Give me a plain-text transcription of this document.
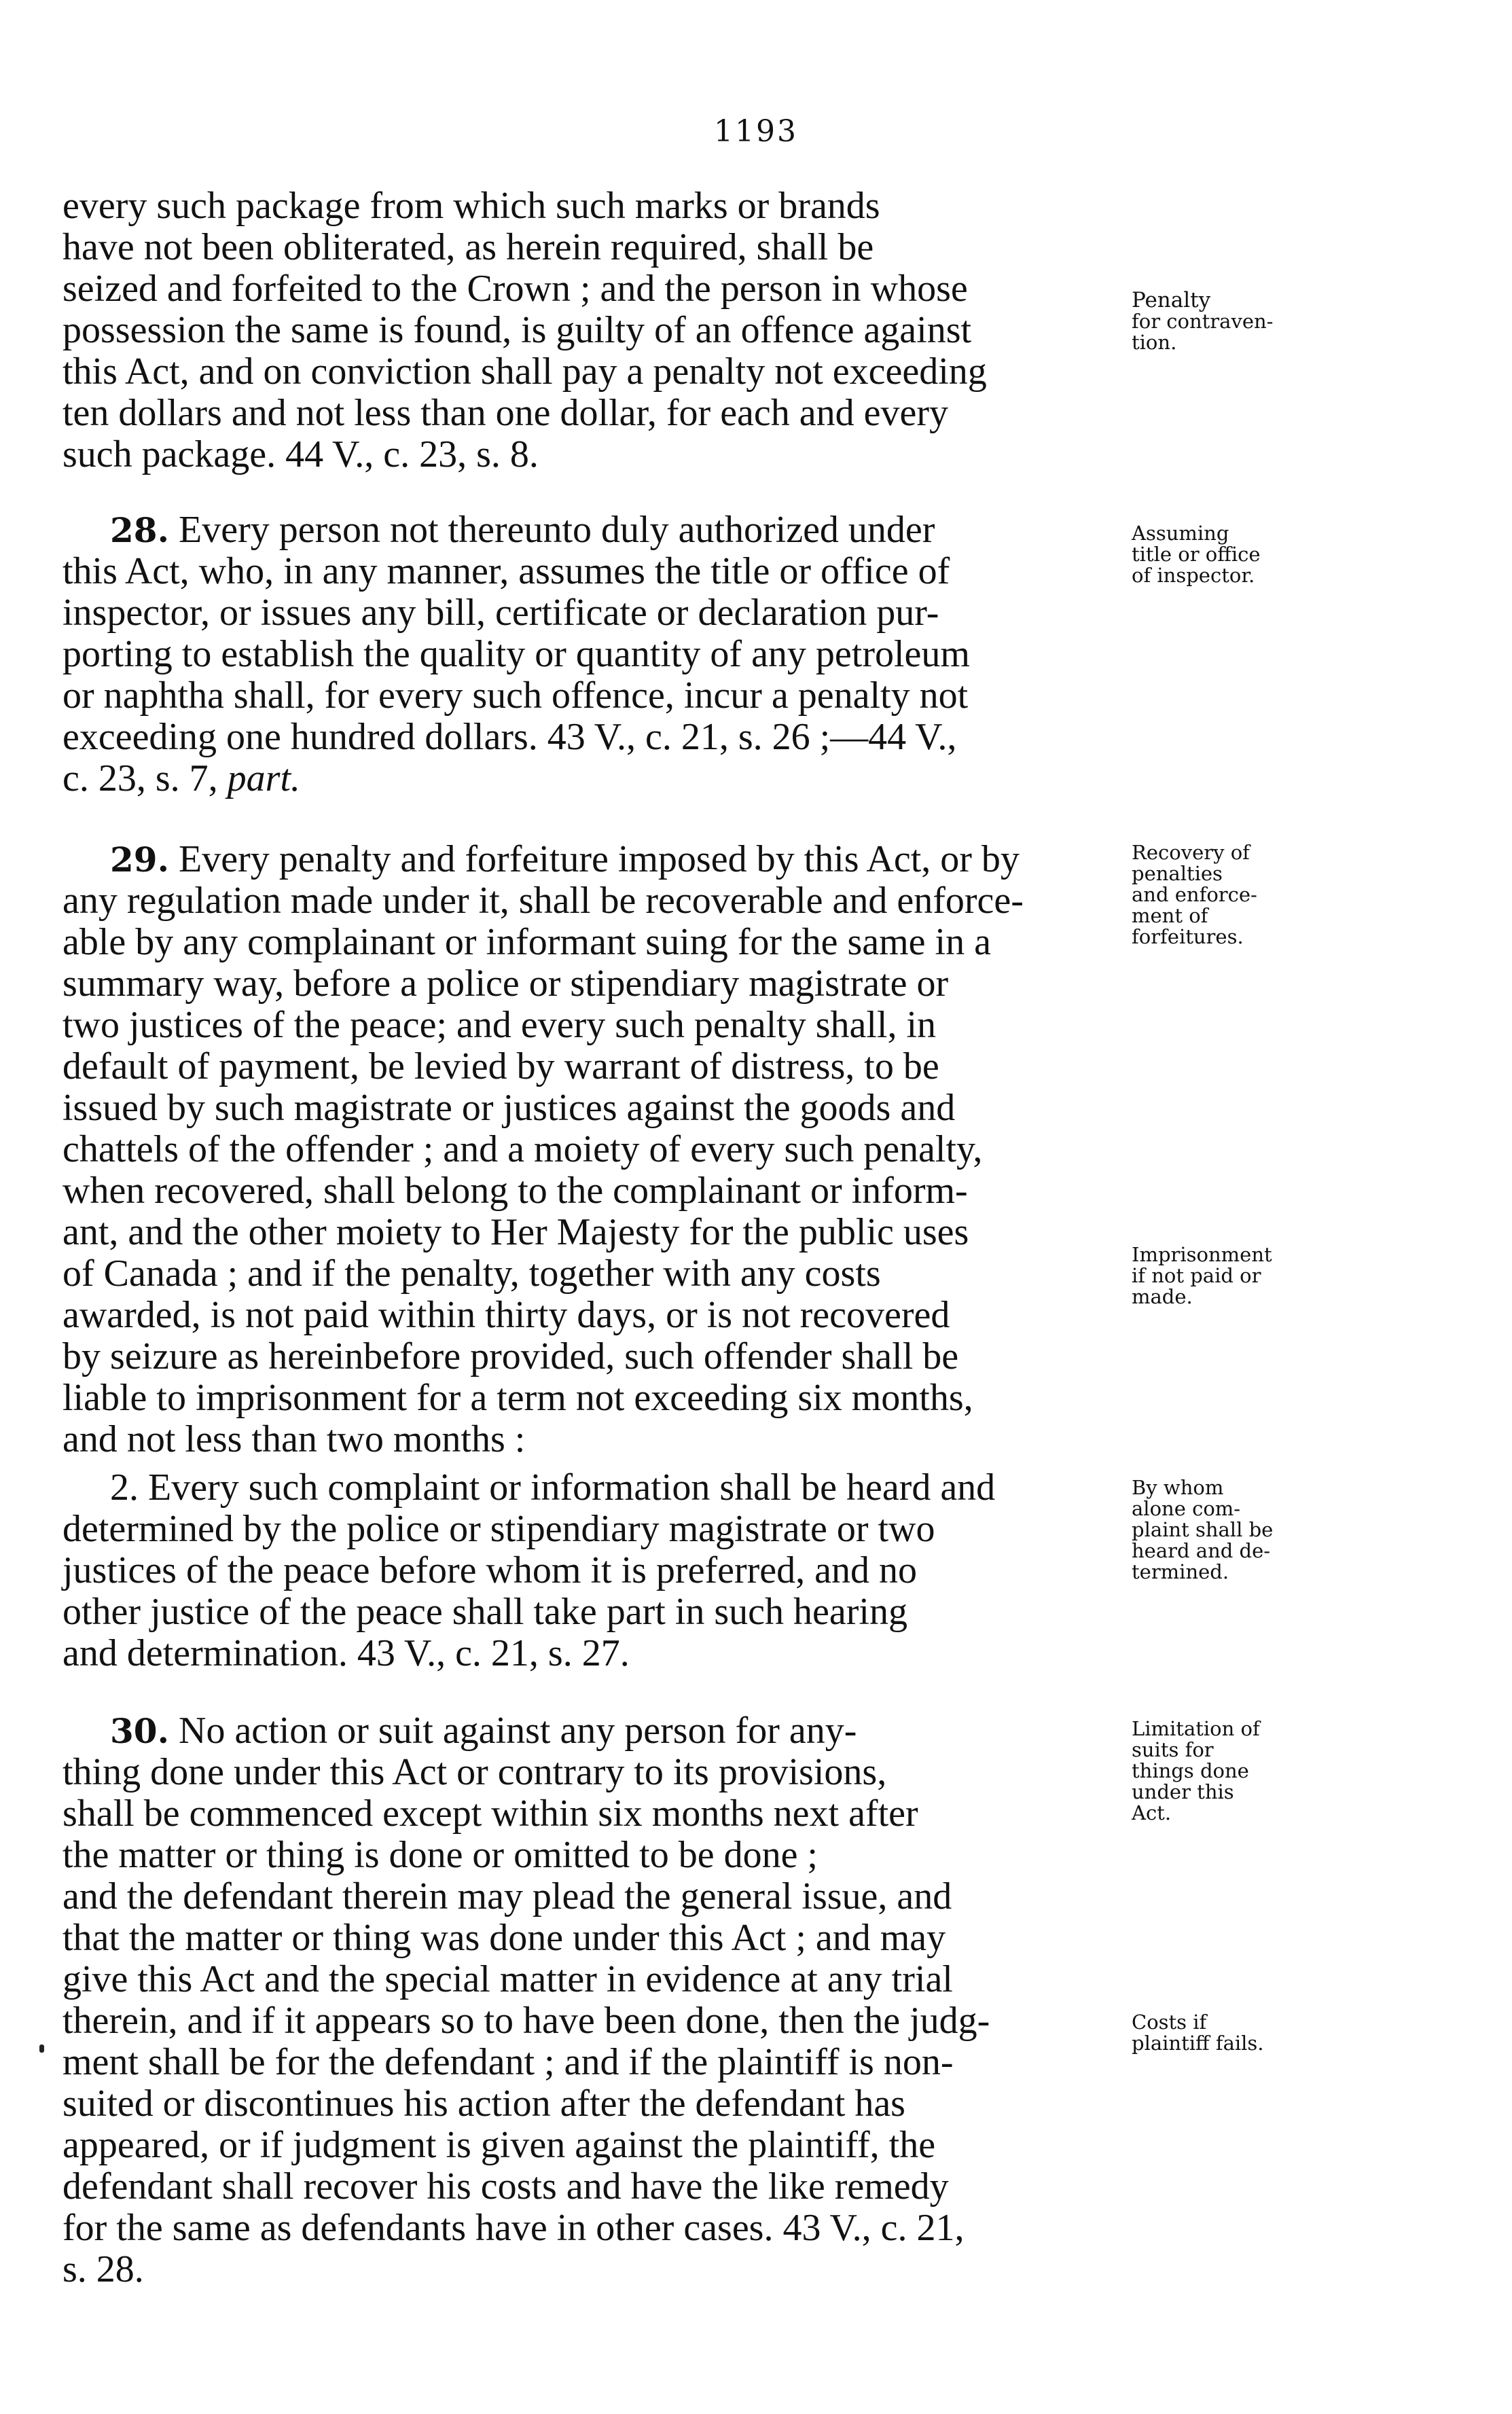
1193
every such package from which such marks or brands
have not been obliterated, as herein required, shall be
seized and forfeited to the Crown ; and the person in whose
possession the same is found, is guilty of an offence against
this Act, and on conviction shall pay a penalty not exceeding
ten dollars and not less than one dollar, for each and every
such package. 44 V., c. 23, s. 8.
28. Every person not thereunto duly authorized under
this Act, who, in any manner, assumes the title or office of
inspector, or issues any bill, certificate or declaration pur-
porting to establish the quality or quantity of any petroleum
or naphtha shall, for every such offence, incur a penalty not
exceeding one hundred dollars. 43 V., c. 21, s. 26 ;—44 V.,
c. 23, s. 7, part.
29. Every penalty and forfeiture imposed by this Act, or by
any regulation made under it, shall be recoverable and enforce-
able by any complainant or informant suing for the same in a
summary way, before a police or stipendiary magistrate or
two justices of the peace; and every such penalty shall, in
default of payment, be levied by warrant of distress, to be
issued by such magistrate or justices against the goods and
chattels of the offender ; and a moiety of every such penalty,
when recovered, shall belong to the complainant or inform-
ant, and the other moiety to Her Majesty for the public uses
of Canada ; and if the penalty, together with any costs
awarded, is not paid within thirty days, or is not recovered
by seizure as hereinbefore provided, such offender shall be
liable to imprisonment for a term not exceeding six months,
and not less than two months :
2. Every such complaint or information shall be heard and
determined by the police or stipendiary magistrate or two
justices of the peace before whom it is preferred, and no
other justice of the peace shall take part in such hearing
and determination. 43 V., c. 21, s. 27.
30. No action or suit against any person for any-
thing done under this Act or contrary to its provisions,
shall be commenced except within six months next after
the matter or thing is done or omitted to be done ;
and the defendant therein may plead the general issue, and
that the matter or thing was done under this Act ; and may
give this Act and the special matter in evidence at any trial
therein, and if it appears so to have been done, then the judg-
ment shall be for the defendant ; and if the plaintiff is non-
suited or discontinues his action after the defendant has
appeared, or if judgment is given against the plaintiff, the
defendant shall recover his costs and have the like remedy
for the same as defendants have in other cases. 43 V., c. 21,
s. 28.
Penalty
for contraven-
tion.
Assuming
title or office
of inspector.
Recovery of
penalties
and enforce-
ment of
forfeitures.
Imprisonment
if not paid or
made.
By whom
alone com-
plaint shall be
heard and de-
termined.
Limitation of
suits for
things done
under this
Act.
Costs if
plaintiff fails.
